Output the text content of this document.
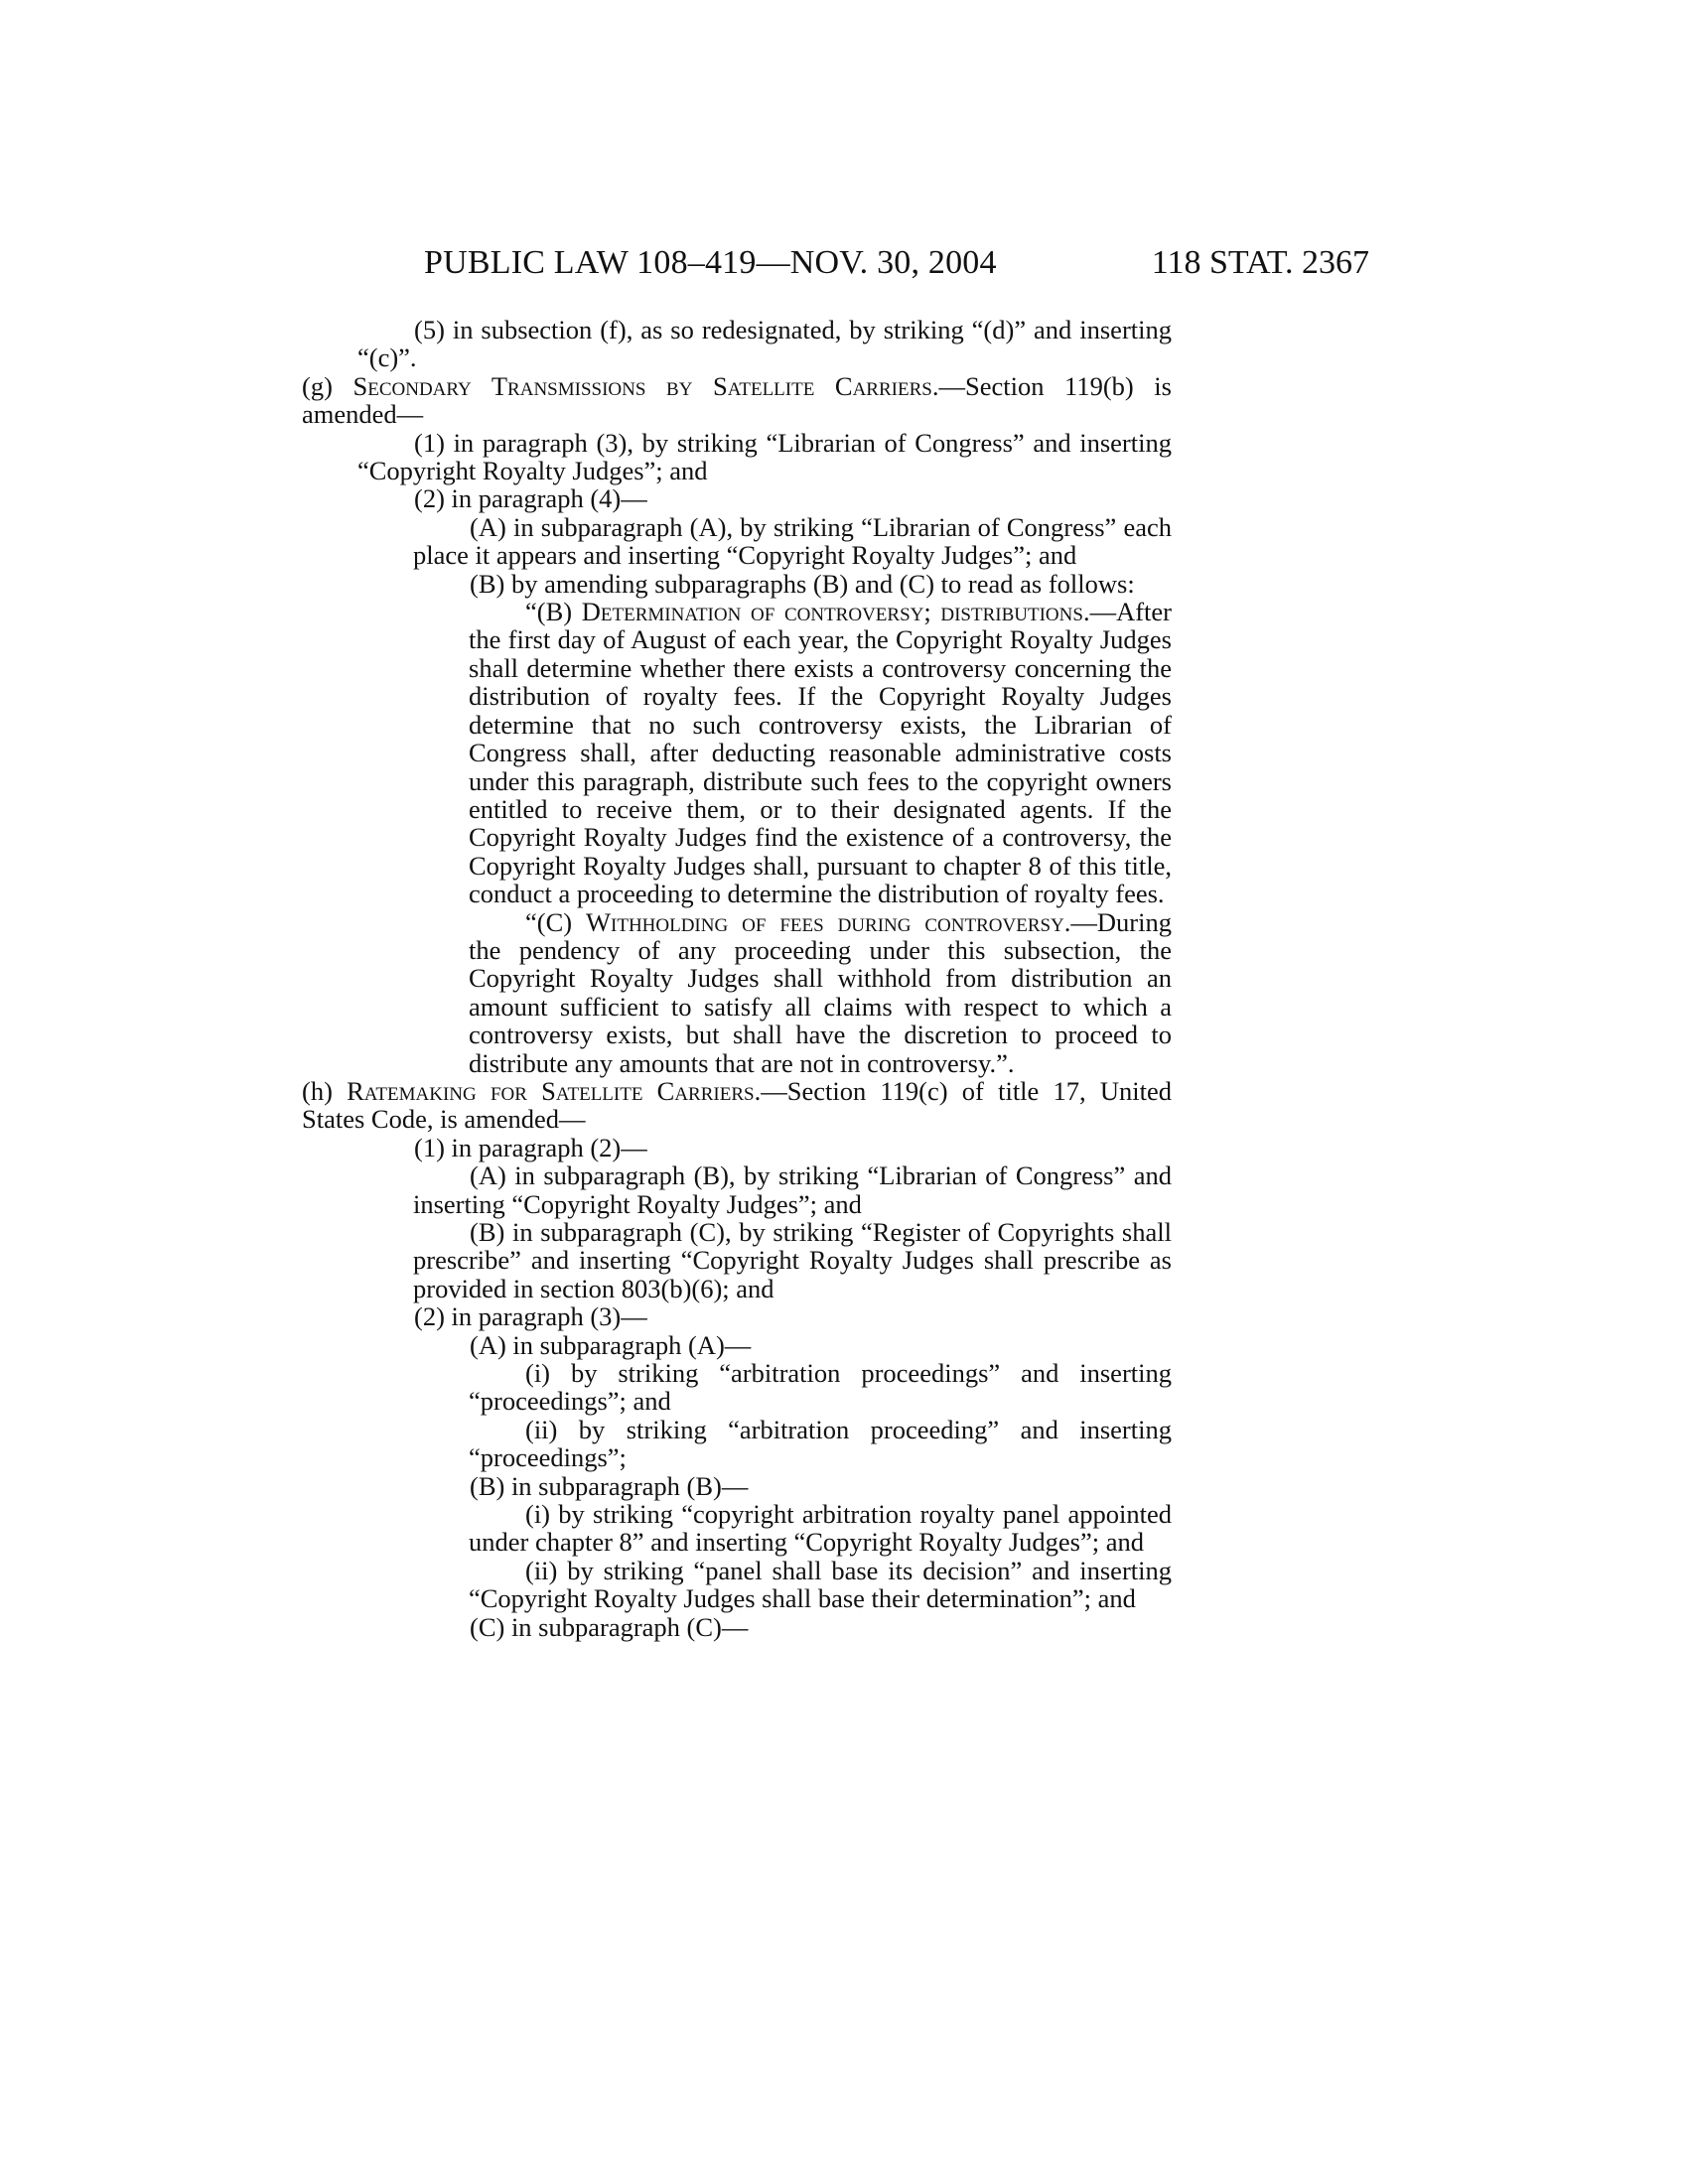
PUBLIC LAW 108–419—NOV. 30, 2004	118 STAT. 2367

(5) in subsection (f), as so redesignated, by striking “(d)” and inserting “(c)”.

(g) Secondary Transmissions by Satellite Carriers.—Section 119(b) is amended—

(1) in paragraph (3), by striking “Librarian of Congress” and inserting “Copyright Royalty Judges”; and

(2) in paragraph (4)—

(A) in subparagraph (A), by striking “Librarian of Congress” each place it appears and inserting “Copyright Royalty Judges”; and

(B) by amending subparagraphs (B) and (C) to read as follows:

“(B) Determination of controversy; distributions.—After the first day of August of each year, the Copyright Royalty Judges shall determine whether there exists a controversy concerning the distribution of royalty fees. If the Copyright Royalty Judges determine that no such controversy exists, the Librarian of Congress shall, after deducting reasonable administrative costs under this paragraph, distribute such fees to the copyright owners entitled to receive them, or to their designated agents. If the Copyright Royalty Judges find the existence of a controversy, the Copyright Royalty Judges shall, pursuant to chapter 8 of this title, conduct a proceeding to determine the distribution of royalty fees.

“(C) Withholding of fees during controversy.—During the pendency of any proceeding under this subsection, the Copyright Royalty Judges shall withhold from distribution an amount sufficient to satisfy all claims with respect to which a controversy exists, but shall have the discretion to proceed to distribute any amounts that are not in controversy.”.

(h) Ratemaking for Satellite Carriers.—Section 119(c) of title 17, United States Code, is amended—

(1) in paragraph (2)—

(A) in subparagraph (B), by striking “Librarian of Congress” and inserting “Copyright Royalty Judges”; and

(B) in subparagraph (C), by striking “Register of Copyrights shall prescribe” and inserting “Copyright Royalty Judges shall prescribe as provided in section 803(b)(6); and

(2) in paragraph (3)—

(A) in subparagraph (A)—

(i) by striking “arbitration proceedings” and inserting “proceedings”; and

(ii) by striking “arbitration proceeding” and inserting “proceedings”;

(B) in subparagraph (B)—

(i) by striking “copyright arbitration royalty panel appointed under chapter 8” and inserting “Copyright Royalty Judges”; and

(ii) by striking “panel shall base its decision” and inserting “Copyright Royalty Judges shall base their determination”; and

(C) in subparagraph (C)—
